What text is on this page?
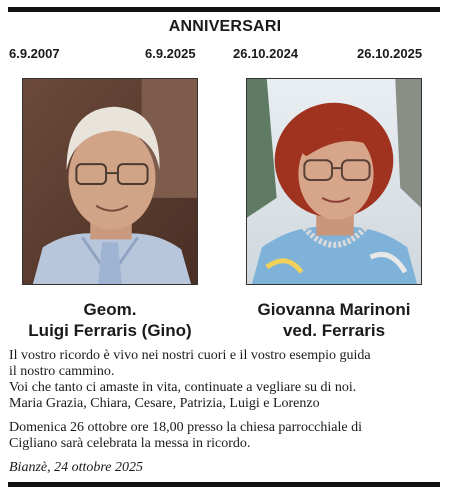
ANNIVERSARI
6.9.2007	6.9.2025	26.10.2024	26.10.2025
Geom.
Luigi Ferraris (Gino)
Giovanna Marinoni
ved. Ferraris

Il vostro ricordo è vivo nei nostri cuori e il vostro esempio guida

il nostro cammino.

Voi che tanto ci amaste in vita, continuate a vegliare su di noi.

Maria Grazia, Chiara, Cesare, Patrizia, Luigi e Lorenzo

Domenica 26 ottobre ore 18,00 presso la chiesa parrocchiale di

Cigliano sarà celebrata la messa in ricordo.

Bianzè, 24 ottobre 2025
